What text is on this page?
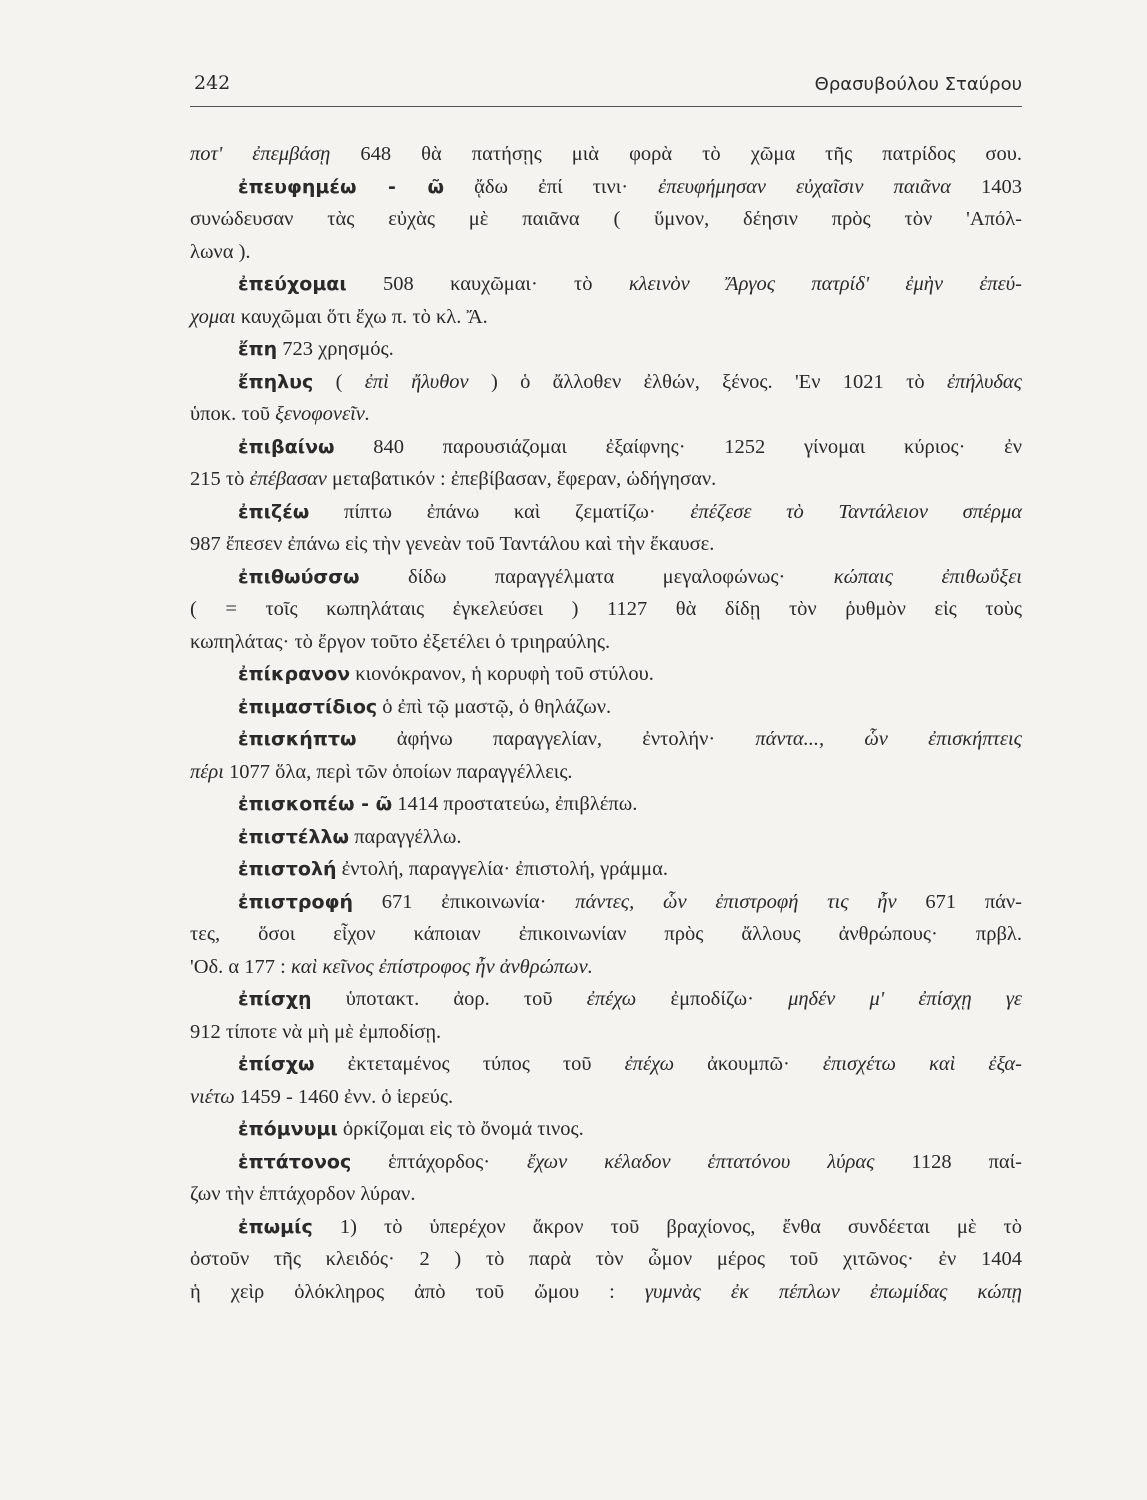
242	Θρασυβούλου Σταύρου
ποτ' ἐπεμβάσῃ 648 θὰ πατήσῃς μιὰ φορὰ τὸ χῶμα τῆς πατρίδος σου.
ἐπευφημέω - ῶ ᾄδω ἐπί τινι· ἐπευφήμησαν εὐχαῖσιν παιᾶνα 1403
συνώδευσαν τὰς εὐχὰς μὲ παιᾶνα ( ὕμνον, δέησιν πρὸς τὸν 'Απόλ-
λωνα ).
ἐπεύχομαι 508 καυχῶμαι· τὸ κλεινὸν Ἄργος πατρίδ' ἐμὴν ἐπεύ-
χομαι καυχῶμαι ὅτι ἔχω π. τὸ κλ. Ἄ.
ἔπη 723 χρησμός.
ἔπηλυς ( ἐπὶ ἤλυθον ) ὁ ἄλλοθεν ἐλθών, ξένος. 'Εν 1021 τὸ ἐπήλυδας
ὑποκ. τοῦ ξενοφονεῖν.
ἐπιβαίνω 840 παρουσιάζομαι ἐξαίφνης· 1252 γίνομαι κύριος· ἐν
215 τὸ ἐπέβασαν μεταβατικόν : ἐπεβίβασαν, ἔφεραν, ὡδήγησαν.
ἐπιζέω πίπτω ἐπάνω καὶ ζεματίζω· ἐπέζεσε τὸ Ταντάλειον σπέρμα
987 ἔπεσεν ἐπάνω εἰς τὴν γενεὰν τοῦ Ταντάλου καὶ τὴν ἔκαυσε.
ἐπιθωύσσω δίδω παραγγέλματα μεγαλοφώνως· κώπαις ἐπιθωΰξει
( = τοῖς κωπηλάταις ἐγκελεύσει ) 1127 θὰ δίδῃ τὸν ῥυθμὸν εἰς τοὺς
κωπηλάτας· τὸ ἔργον τοῦτο ἐξετέλει ὁ τριηραύλης.
ἐπίκρανον κιονόκρανον, ἡ κορυφὴ τοῦ στύλου.
ἐπιμαστίδιος ὁ ἐπὶ τῷ μαστῷ, ὁ θηλάζων.
ἐπισκήπτω ἀφήνω παραγγελίαν, ἐντολήν· πάντα..., ὧν ἐπισκήπτεις
πέρι 1077 ὅλα, περὶ τῶν ὁποίων παραγγέλλεις.
ἐπισκοπέω - ῶ 1414 προστατεύω, ἐπιβλέπω.
ἐπιστέλλω παραγγέλλω.
ἐπιστολή ἐντολή, παραγγελία· ἐπιστολή, γράμμα.
ἐπιστροφή 671 ἐπικοινωνία· πάντες, ὧν ἐπιστροφή τις ἦν 671 πάν-
τες, ὅσοι εἶχον κάποιαν ἐπικοινωνίαν πρὸς ἄλλους ἀνθρώπους· πρβλ.
'Οδ. α 177 : καὶ κεῖνος ἐπίστροφος ἦν ἀνθρώπων.
ἐπίσχῃ ὑποτακτ. ἀορ. τοῦ ἐπέχω ἐμποδίζω· μηδέν μ' ἐπίσχῃ γε
912 τίποτε νὰ μὴ μὲ ἐμποδίσῃ.
ἐπίσχω ἐκτεταμένος τύπος τοῦ ἐπέχω ἀκουμπῶ· ἐπισχέτω καὶ ἐξα-
νιέτω 1459 - 1460 ἐνν. ὁ ἱερεύς.
ἐπόμνυμι ὁρκίζομαι εἰς τὸ ὄνομά τινος.
ἑπτάτονος ἑπτάχορδος· ἔχων κέλαδον ἑπτατόνου λύρας 1128 παί-
ζων τὴν ἑπτάχορδον λύραν.
ἐπωμίς 1) τὸ ὑπερέχον ἄκρον τοῦ βραχίονος, ἔνθα συνδέεται μὲ τὸ
ὀστοῦν τῆς κλειδός· 2 ) τὸ παρὰ τὸν ὦμον μέρος τοῦ χιτῶνος· ἐν 1404
ἡ χεὶρ ὁλόκληρος ἀπὸ τοῦ ὤμου : γυμνὰς ἐκ πέπλων ἐπωμίδας κώπῃ
